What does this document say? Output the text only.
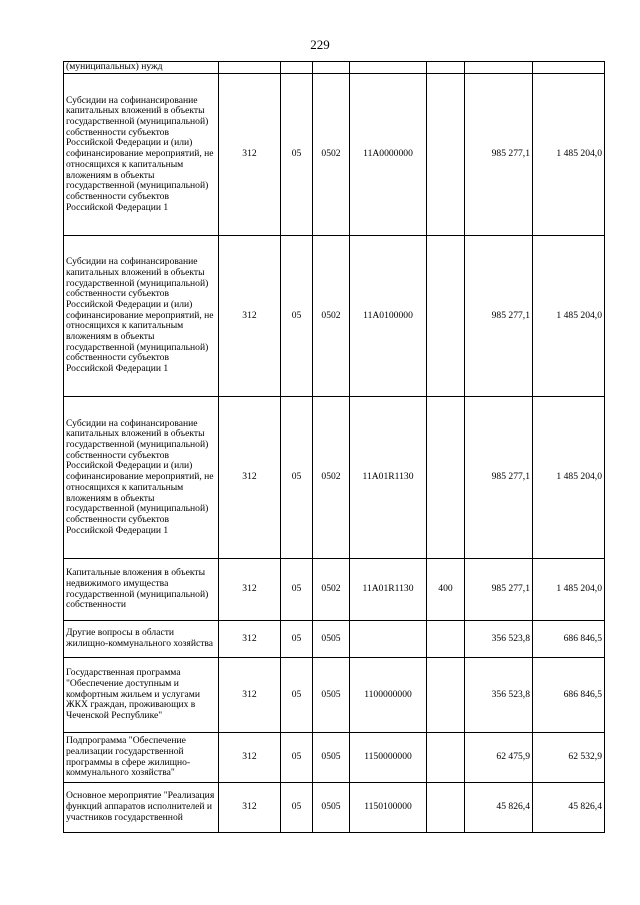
229
(муниципальных) нужд							
Субсидии на софинансирование капитальных вложений в объекты государственной (муниципальной) собственности субъектов Российской Федерации и (или) софинансирование мероприятий, не относящихся к капитальным вложениям в объекты государственной (муниципальной) собственности субъектов Российской Федерации 1	312	05	0502	11А0000000		985 277,1	1 485 204,0
Субсидии на софинансирование капитальных вложений в объекты государственной (муниципальной) собственности субъектов Российской Федерации и (или) софинансирование мероприятий, не относящихся к капитальным вложениям в объекты государственной (муниципальной) собственности субъектов Российской Федерации 1	312	05	0502	11А0100000		985 277,1	1 485 204,0
Субсидии на софинансирование капитальных вложений в объекты государственной (муниципальной) собственности субъектов Российской Федерации и (или) софинансирование мероприятий, не относящихся к капитальным вложениям в объекты государственной (муниципальной) собственности субъектов Российской Федерации 1	312	05	0502	11А01R1130		985 277,1	1 485 204,0
Капитальные вложения в объекты недвижимого имущества государственной (муниципальной) собственности	312	05	0502	11А01R1130	400	985 277,1	1 485 204,0
Другие вопросы в области жилищно-коммунального хозяйства	312	05	0505			356 523,8	686 846,5
Государственная программа "Обеспечение доступным и комфортным жильем и услугами ЖКХ граждан, проживающих в Чеченской Республике"	312	05	0505	1100000000		356 523,8	686 846,5
Подпрограмма "Обеспечение реализации государственной программы в сфере жилищно-коммунального хозяйства"	312	05	0505	1150000000		62 475,9	62 532,9
Основное мероприятие "Реализация функций аппаратов исполнителей и участников государственной	312	05	0505	1150100000		45 826,4	45 826,4
